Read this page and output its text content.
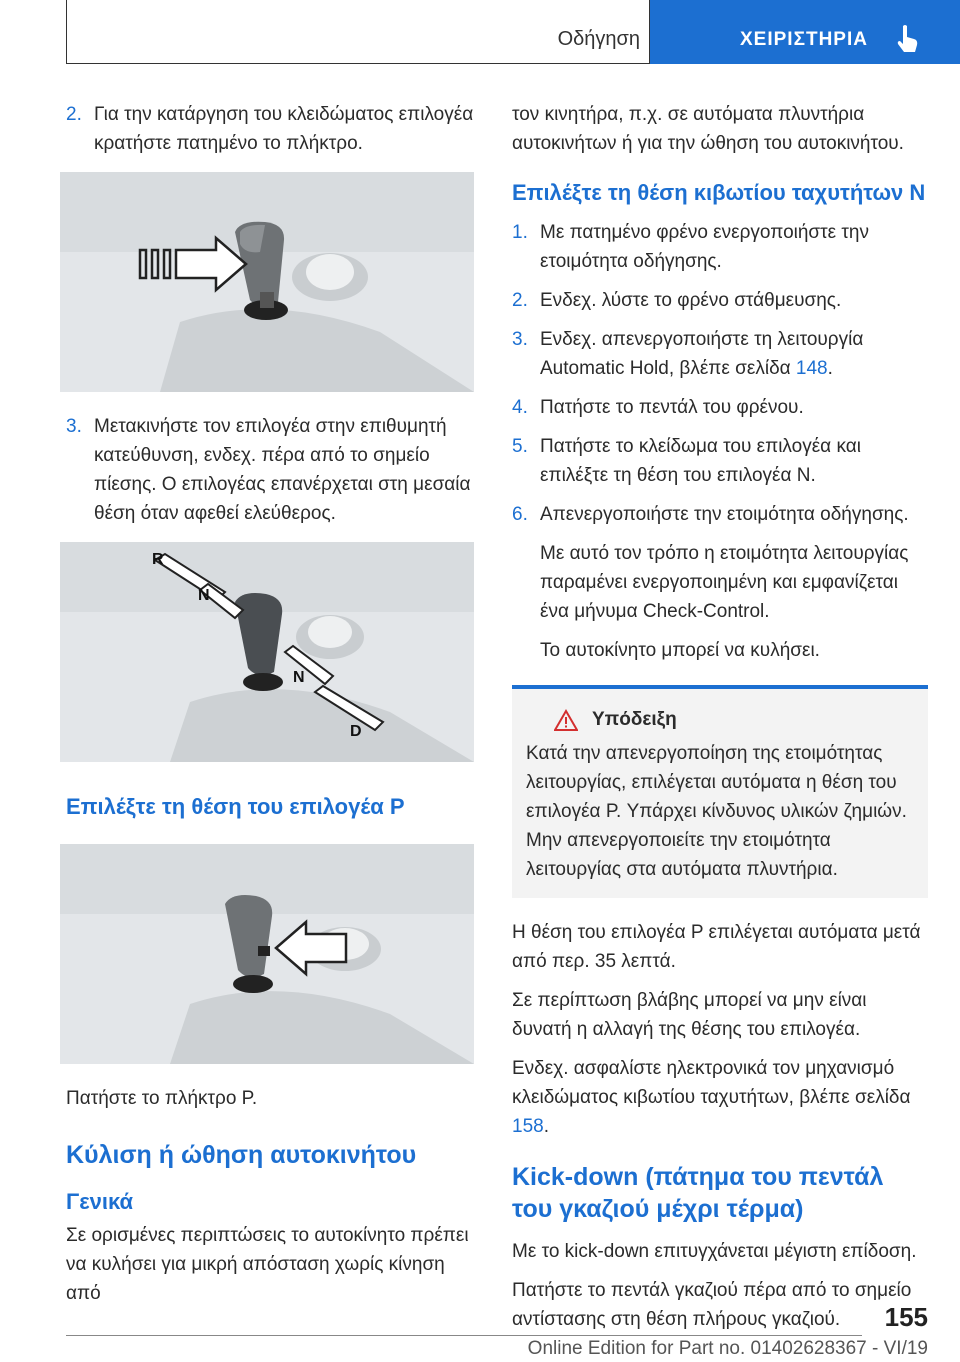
Οδήγηση	ΧΕΙΡΙΣΤΗΡΙΑ
2. Για την κατάργηση του κλειδώματος επιλογέα κρατήστε πατημένο το πλήκτρο.
3. Μετακινήστε τον επιλογέα στην επιθυμητή κατεύθυνση, ενδεχ. πέρα από το σημείο πίεσης. Ο επιλογέας επανέρχεται στη μεσαία θέση όταν αφεθεί ελεύθερος.
R
N
N
D
Επιλέξτε τη θέση του επιλογέα P
Πατήστε το πλήκτρο P.
Κύλιση ή ώθηση αυτοκινήτου
Γενικά
Σε ορισμένες περιπτώσεις το αυτοκίνητο πρέπει να κυλήσει για μικρή απόσταση χωρίς κίνηση από
τον κινητήρα, π.χ. σε αυτόματα πλυντήρια αυτοκινήτων ή για την ώθηση του αυτοκινήτου.
Επιλέξτε τη θέση κιβωτίου ταχυτήτων N
1. Με πατημένο φρένο ενεργοποιήστε την ετοιμότητα οδήγησης.
2. Ενδεχ. λύστε το φρένο στάθμευσης.
3. Ενδεχ. απενεργοποιήστε τη λειτουργία Automatic Hold, βλέπε σελίδα 148.
4. Πατήστε το πεντάλ του φρένου.
5. Πατήστε το κλείδωμα του επιλογέα και επιλέξτε τη θέση του επιλογέα N.
6. Απενεργοποιήστε την ετοιμότητα οδήγησης.
Με αυτό τον τρόπο η ετοιμότητα λειτουργίας παραμένει ενεργοποιημένη και εμφανίζεται ένα μήνυμα Check-Control.
Το αυτοκίνητο μπορεί να κυλήσει.
Υπόδειξη
Κατά την απενεργοποίηση της ετοιμότητας λειτουργίας, επιλέγεται αυτόματα η θέση του επιλογέα P. Υπάρχει κίνδυνος υλικών ζημιών. Μην απενεργοποιείτε την ετοιμότητα λειτουργίας στα αυτόματα πλυντήρια.
Η θέση του επιλογέα P επιλέγεται αυτόματα μετά από περ. 35 λεπτά.
Σε περίπτωση βλάβης μπορεί να μην είναι δυνατή η αλλαγή της θέσης του επιλογέα.
Ενδεχ. ασφαλίστε ηλεκτρονικά τον μηχανισμό κλειδώματος κιβωτίου ταχυτήτων, βλέπε σελίδα 158.
Kick-down (πάτημα του πεντάλ του γκαζιού μέχρι τέρμα)
Με το kick-down επιτυγχάνεται μέγιστη επίδοση.
Πατήστε το πεντάλ γκαζιού πέρα από το σημείο αντίστασης στη θέση πλήρους γκαζιού.	155
Online Edition for Part no. 01402628367 - VI/19
